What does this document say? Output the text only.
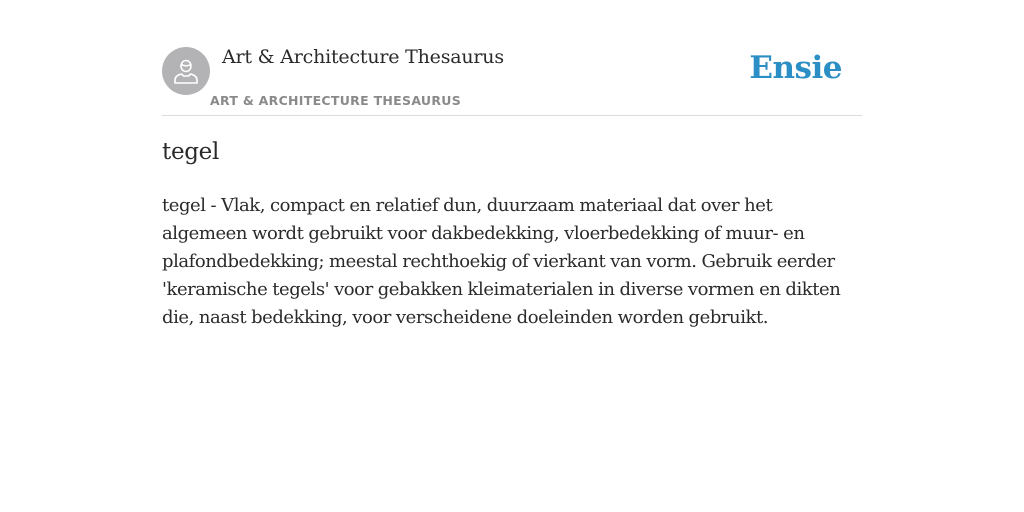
Art & Architecture Thesaurus
ART & ARCHITECTURE THESAURUS
Ensie
tegel

tegel - Vlak, compact en relatief dun, duurzaam materiaal dat over het algemeen wordt gebruikt voor dakbedekking, vloerbedekking of muur- en plafondbedekking; meestal rechthoekig of vierkant van vorm. Gebruik eerder 'keramische tegels' voor gebakken kleimaterialen in diverse vormen en dikten die, naast bedekking, voor verscheidene doeleinden worden gebruikt.
